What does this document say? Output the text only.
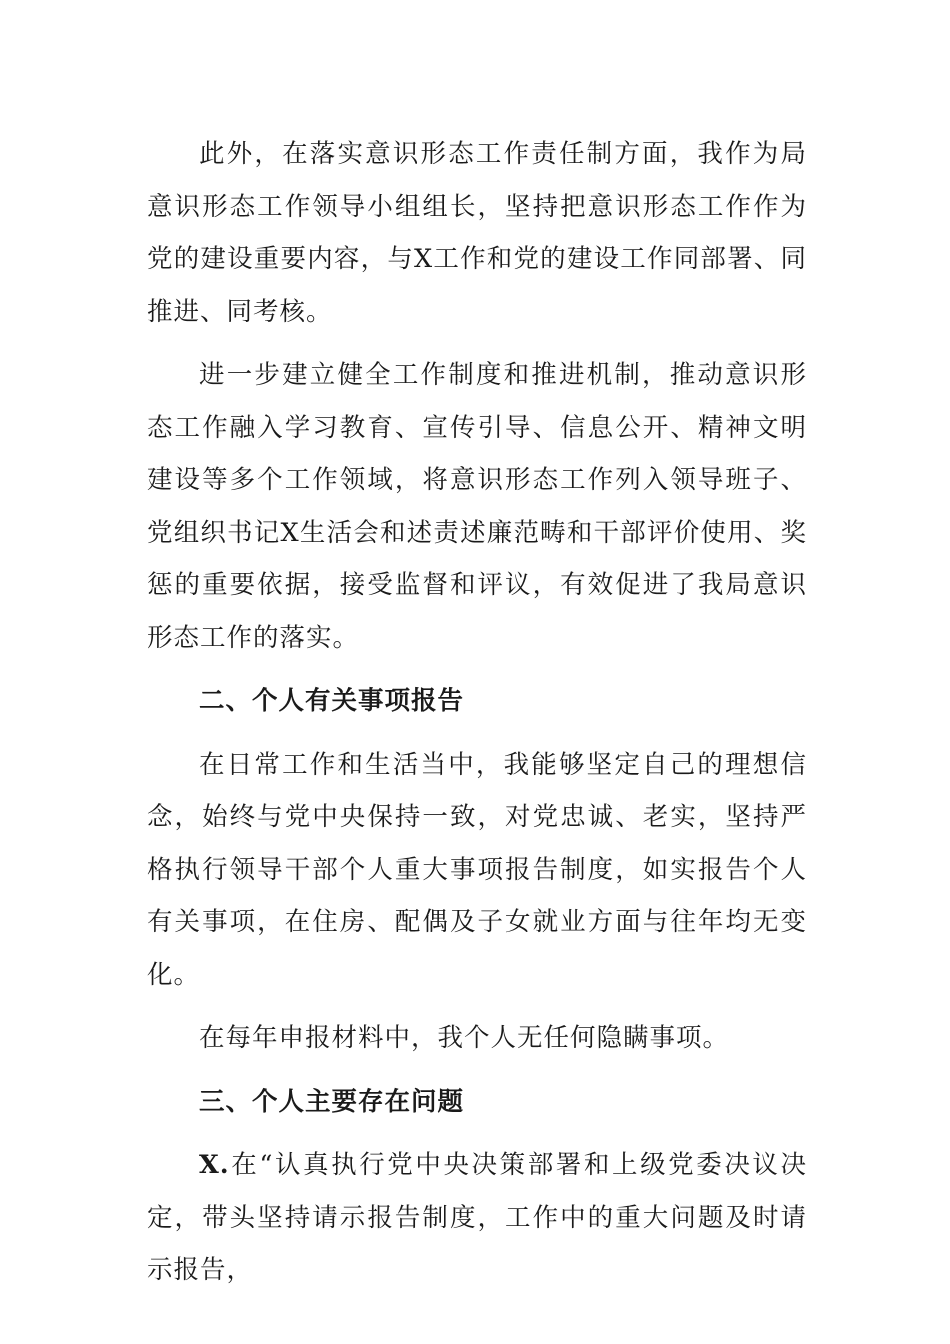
此外，在落实意识形态工作责任制方面，我作为局意识形态工作领导小组组长，坚持把意识形态工作作为党的建设重要内容，与X工作和党的建设工作同部署、同推进、同考核。

进一步建立健全工作制度和推进机制，推动意识形态工作融入学习教育、宣传引导、信息公开、精神文明建设等多个工作领域，将意识形态工作列入领导班子、党组织书记X生活会和述责述廉范畴和干部评价使用、奖惩的重要依据，接受监督和评议，有效促进了我局意识形态工作的落实。

二、个人有关事项报告

在日常工作和生活当中，我能够坚定自己的理想信念，始终与党中央保持一致，对党忠诚、老实，坚持严格执行领导干部个人重大事项报告制度，如实报告个人有关事项，在住房、配偶及子女就业方面与往年均无变化。

在每年申报材料中，我个人无任何隐瞒事项。

三、个人主要存在问题

X.在“认真执行党中央决策部署和上级党委决议决定，带头坚持请示报告制度，工作中的重大问题及时请示报告，
